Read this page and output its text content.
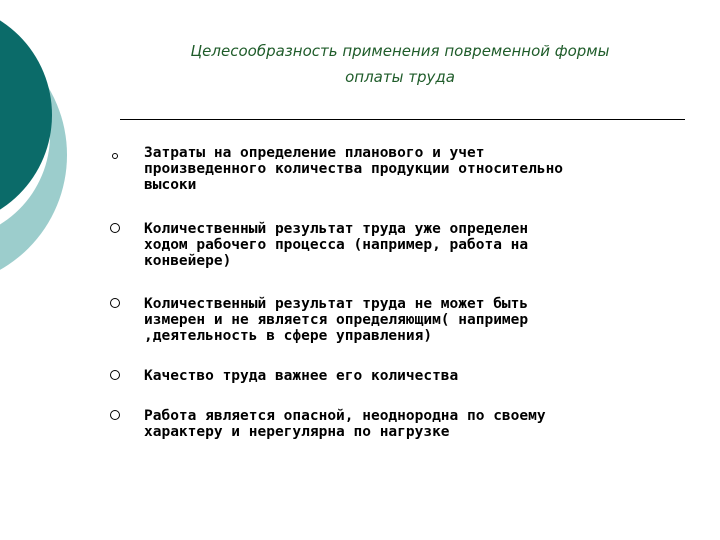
Целесообразность применения повременной формы
оплаты труда
Затраты на определение планового и учет
произведенного количества продукции относительно
высоки
Количественный результат труда уже определен
ходом рабочего процесса (например, работа на
конвейере)
Количественный результат труда не может быть
измерен и не является определяющим( например
,деятельность в сфере управления)
Качество труда важнее его количества
Работа является опасной, неоднородна по своему
характеру и нерегулярна по нагрузке
